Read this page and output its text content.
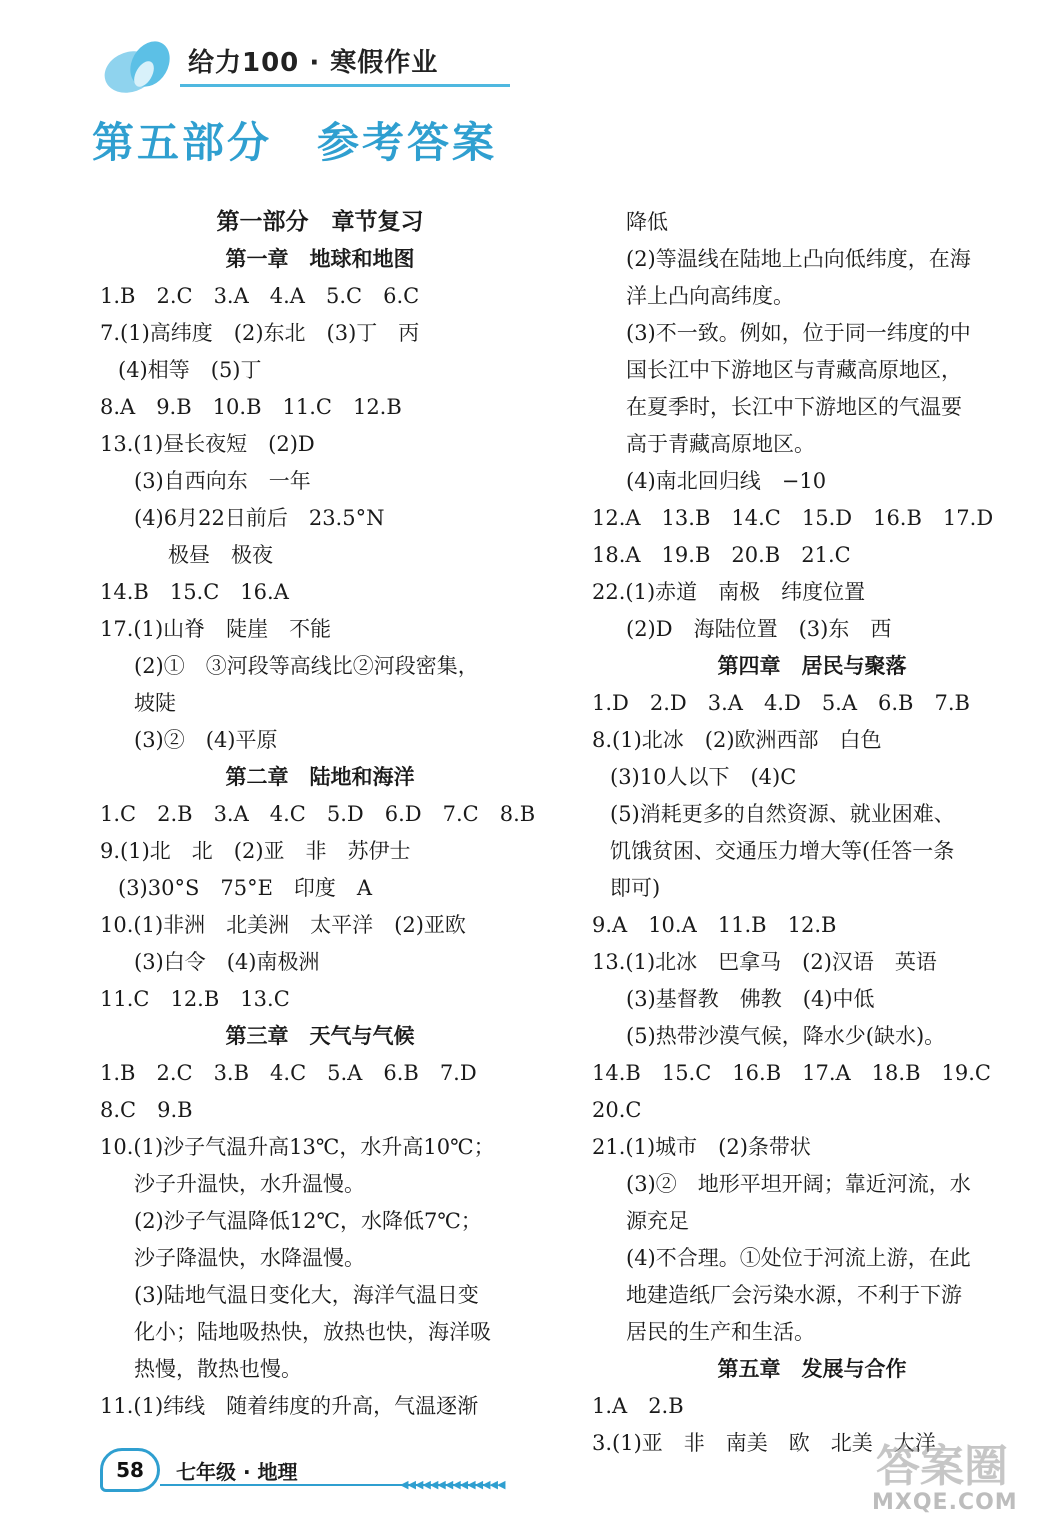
给力100 · 寒假作业
第五部分　参考答案
第一部分　章节复习
第一章　地球和地图
1.B　2.C　3.A　4.A　5.C　6.C
7.(1)高纬度　(2)东北　(3)丁　丙
(4)相等　(5)丁
8.A　9.B　10.B　11.C　12.B
13.(1)昼长夜短　(2)D
(3)自西向东　一年
(4)6月22日前后　23.5°N
极昼　极夜
14.B　15.C　16.A
17.(1)山脊　陡崖　不能
(2)①　③河段等高线比②河段密集，
坡陡
(3)②　(4)平原
第二章　陆地和海洋
1.C　2.B　3.A　4.C　5.D　6.D　7.C　8.B
9.(1)北　北　(2)亚　非　苏伊士
(3)30°S　75°E　印度　A
10.(1)非洲　北美洲　太平洋　(2)亚欧
(3)白令　(4)南极洲
11.C　12.B　13.C
第三章　天气与气候
1.B　2.C　3.B　4.C　5.A　6.B　7.D
8.C　9.B
10.(1)沙子气温升高13℃，水升高10℃；
沙子升温快，水升温慢。
(2)沙子气温降低12℃，水降低7℃；
沙子降温快，水降温慢。
(3)陆地气温日变化大，海洋气温日变
化小；陆地吸热快，放热也快，海洋吸
热慢，散热也慢。
11.(1)纬线　随着纬度的升高，气温逐渐
降低
(2)等温线在陆地上凸向低纬度，在海
洋上凸向高纬度。
(3)不一致。例如，位于同一纬度的中
国长江中下游地区与青藏高原地区，
在夏季时，长江中下游地区的气温要
高于青藏高原地区。
(4)南北回归线　−10
12.A　13.B　14.C　15.D　16.B　17.D
18.A　19.B　20.B　21.C
22.(1)赤道　南极　纬度位置
(2)D　海陆位置　(3)东　西
第四章　居民与聚落
1.D　2.D　3.A　4.D　5.A　6.B　7.B
8.(1)北冰　(2)欧洲西部　白色
(3)10人以下　(4)C
(5)消耗更多的自然资源、就业困难、
饥饿贫困、交通压力增大等(任答一条
即可)
9.A　10.A　11.B　12.B
13.(1)北冰　巴拿马　(2)汉语　英语
(3)基督教　佛教　(4)中低
(5)热带沙漠气候，降水少(缺水)。
14.B　15.C　16.B　17.A　18.B　19.C
20.C
21.(1)城市　(2)条带状
(3)②　地形平坦开阔；靠近河流，水
源充足
(4)不合理。①处位于河流上游，在此
地建造纸厂会污染水源，不利于下游
居民的生产和生活。
第五章　发展与合作
1.A　2.B
3.(1)亚　非　南美　欧　北美　大洋
58	七年级 · 地理
◀◀◀◀◀◀◀◀◀◀◀◀◀◀	答案圈
MXQE.COM
